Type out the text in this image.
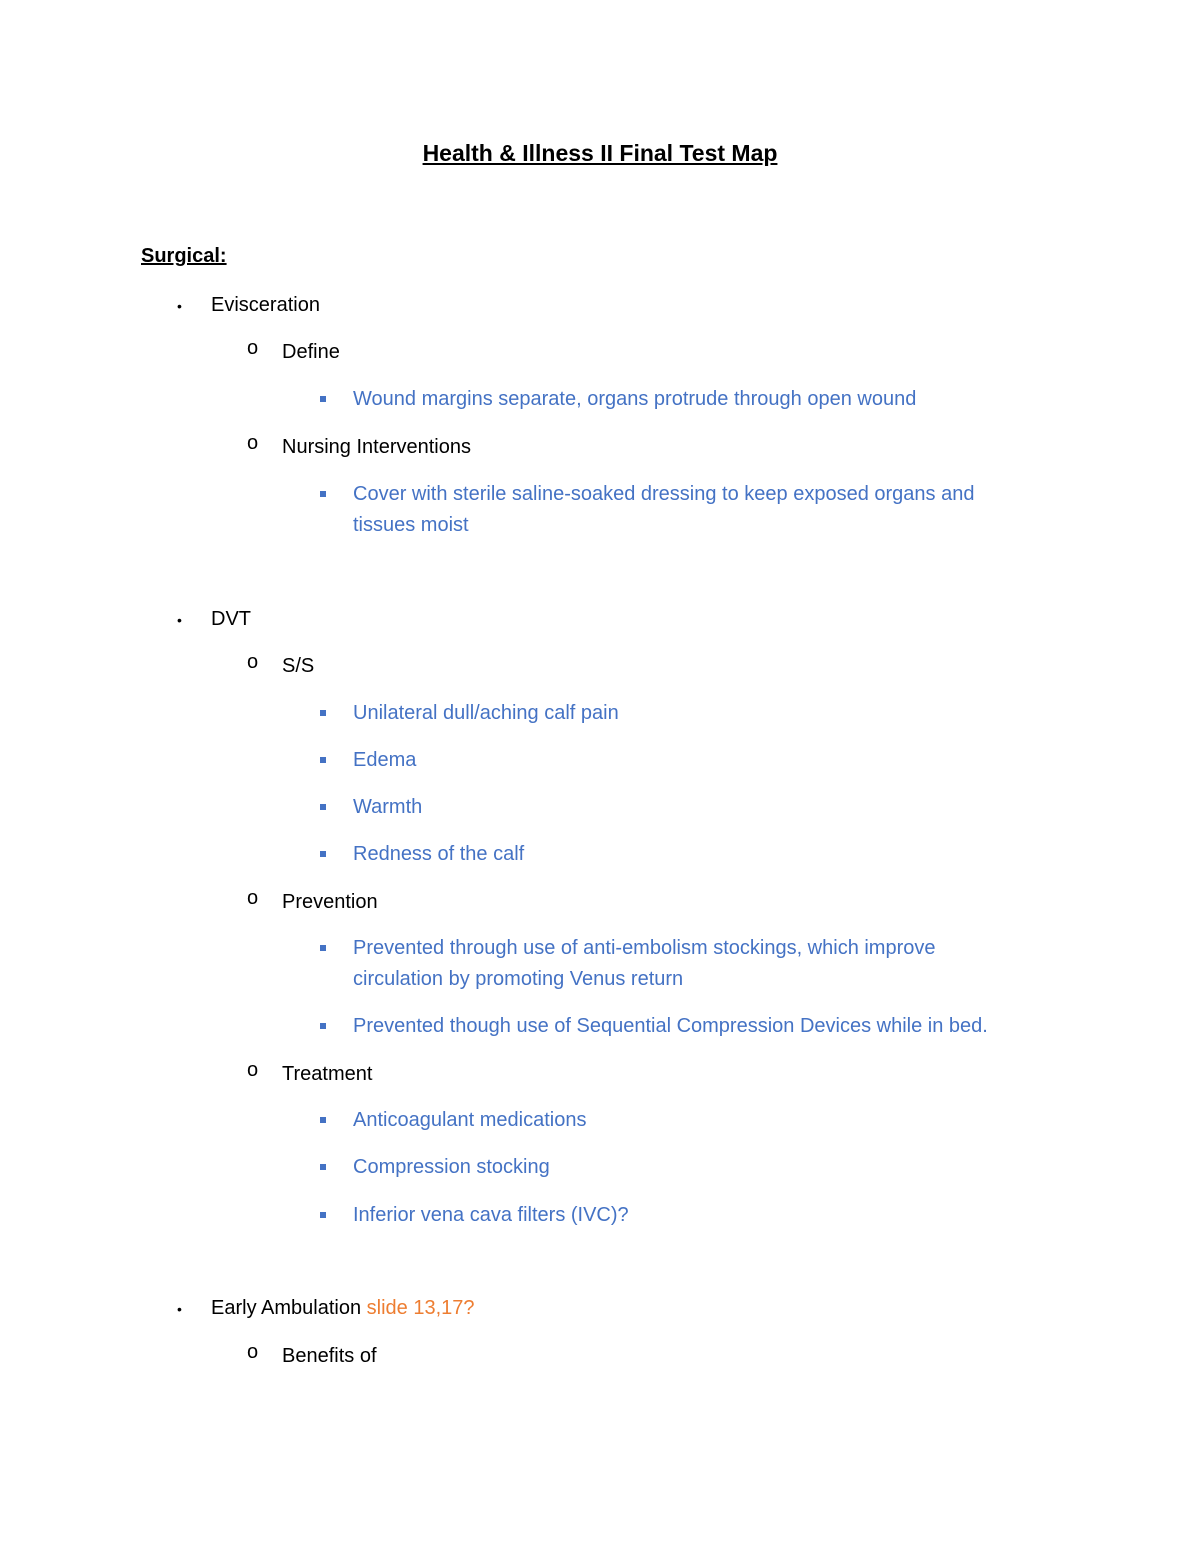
Health & Illness II Final Test Map
Surgical:
• Evisceration
o Define
Wound margins separate, organs protrude through open wound
o Nursing Interventions
Cover with sterile saline-soaked dressing to keep exposed organs and
tissues moist
• DVT
o S/S
Unilateral dull/aching calf pain
Edema
Warmth
Redness of the calf
o Prevention
Prevented through use of anti-embolism stockings, which improve
circulation by promoting Venus return
Prevented though use of Sequential Compression Devices while in bed.
o Treatment
Anticoagulant medications
Compression stocking
Inferior vena cava filters (IVC)?
• Early Ambulation slide 13,17?
o Benefits of
